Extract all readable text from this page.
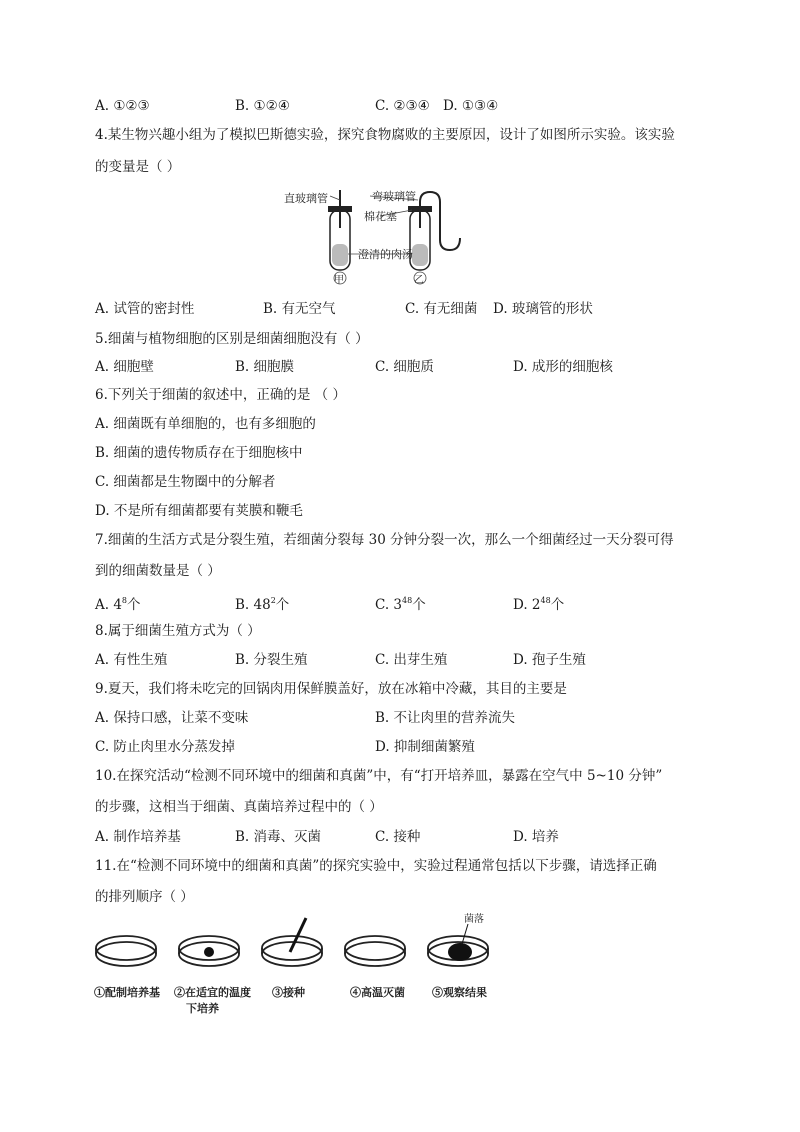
A. ①②③	B. ①②④	C. ②③④ D. ①③④
4.某生物兴趣小组为了模拟巴斯德实验，探究食物腐败的主要原因，设计了如图所示实验。该实验
的变量是（ ）
直玻璃管	弯玻璃管
棉花塞
澄清的肉汤
甲	乙
A. 试管的密封性	B. 有无空气	C. 有无细菌 D. 玻璃管的形状
5.细菌与植物细胞的区别是细菌细胞没有（ ）
A. 细胞壁	B. 细胞膜	C. 细胞质	D. 成形的细胞核
6.下列关于细菌的叙述中，正确的是 （ ）
A. 细菌既有单细胞的，也有多细胞的
B. 细菌的遗传物质存在于细胞核中
C. 细菌都是生物圈中的分解者
D. 不是所有细菌都要有荚膜和鞭毛
7.细菌的生活方式是分裂生殖，若细菌分裂每 30 分钟分裂一次，那么一个细菌经过一天分裂可得
到的细菌数量是（ ）
A. $4^8$个	B. $48^2$个	C. $3^{48}$个	D. $2^{48}$个
8.属于细菌生殖方式为（ ）
A. 有性生殖	B. 分裂生殖	C. 出芽生殖	D. 孢子生殖
9.夏天，我们将未吃完的回锅肉用保鲜膜盖好，放在冰箱中冷藏，其目的主要是
A. 保持口感，让菜不变味	B. 不让肉里的营养流失
C. 防止肉里水分蒸发掉	D. 抑制细菌繁殖
10.在探究活动“检测不同环境中的细菌和真菌”中，有“打开培养皿，暴露在空气中 5~10 分钟”
的步骤，这相当于细菌、真菌培养过程中的（ ）
A. 制作培养基	B. 消毒、灭菌	C. 接种	D. 培养
11.在“检测不同环境中的细菌和真菌”的探究实验中，实验过程通常包括以下步骤，请选择正确
的排列顺序（ ）
菌落
①配制培养基 ②在适宜的温度
下培养
③接种	④高温灭菌 ⑤观察结果
